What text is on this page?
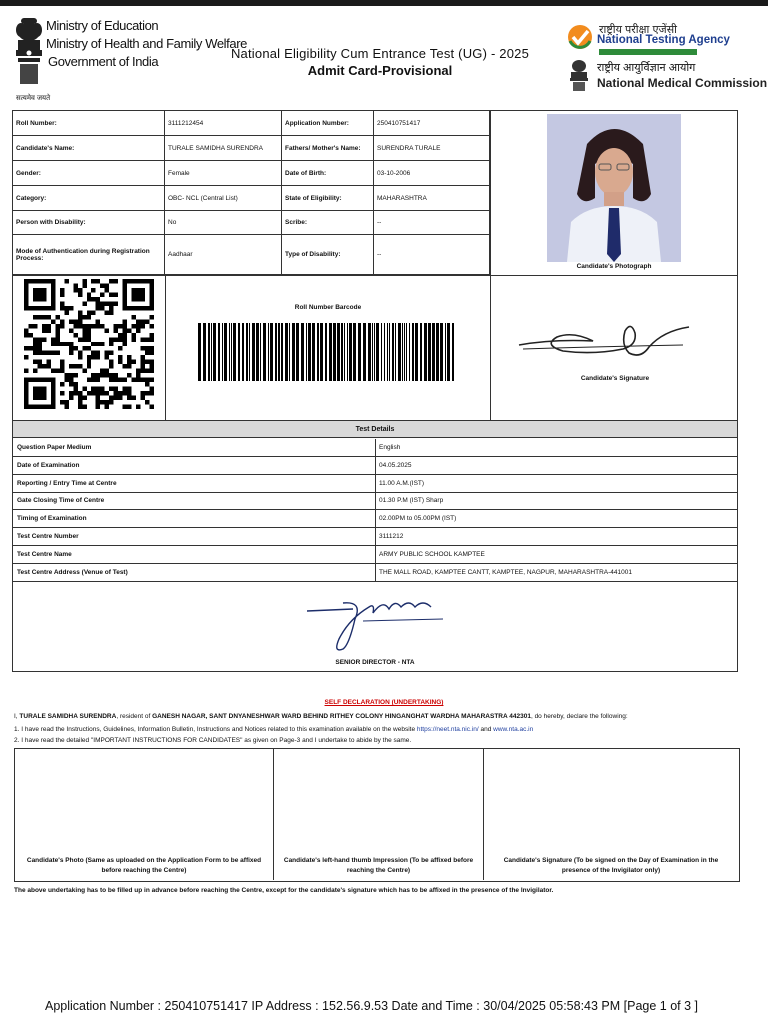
Ministry of Education
Ministry of Health and Family Welfare
Government of India
सत्यमेव जयते
National Eligibility Cum Entrance Test (UG) - 2025
Admit Card-Provisional
राष्ट्रीय परीक्षा एजेंसी
National Testing Agency
राष्ट्रीय आयुर्विज्ञान आयोग
National Medical Commission
Roll Number:	3111212454	Application Number:	250410751417
Candidate's Name:	TURALE SAMIDHA SURENDRA	Fathers/ Mother's Name:	SURENDRA TURALE
Gender:	Female	Date of Birth:	03-10-2006
Category:	OBC- NCL (Central List)	State of Eligibility:	MAHARASHTRA
Person with Disability:	No	Scribe:	--
Mode of Authentication during Registration Process:	Aadhaar	Type of Disability:	--
Candidate's Photograph
Roll Number Barcode
Candidate's Signature
Test Details
Question Paper Medium	English
Date of Examination	04.05.2025
Reporting / Entry Time at Centre	11.00 A.M.(IST)
Gate Closing Time of Centre	01.30 P.M (IST) Sharp
Timing of Examination	02.00PM to 05.00PM (IST)
Test Centre Number	3111212
Test Centre Name	ARMY PUBLIC SCHOOL KAMPTEE
Test Centre Address (Venue of Test)	THE MALL ROAD, KAMPTEE CANTT, KAMPTEE, NAGPUR, MAHARASHTRA-441001
SENIOR DIRECTOR - NTA
SELF DECLARATION (UNDERTAKING)
I, TURALE SAMIDHA SURENDRA, resident of GANESH NAGAR, SANT DNYANESHWAR WARD BEHIND RITHEY COLONY HINGANGHAT WARDHA MAHARASTRA 442301, do hereby, declare the following:
1. I have read the Instructions, Guidelines, Information Bulletin, Instructions and Notices related to this examination available on the website https://neet.nta.nic.in/ and www.nta.ac.in
2. I have read the detailed "IMPORTANT INSTRUCTIONS FOR CANDIDATES" as given on Page-3 and I undertake to abide by the same.
Candidate's Photo (Same as uploaded on the Application Form to be affixed before reaching the Centre)
Candidate's left-hand thumb Impression (To be affixed before reaching the Centre)
Candidate's Signature (To be signed on the Day of Examination in the presence of the Invigilator only)
The above undertaking has to be filled up in advance before reaching the Centre, except for the candidate's signature which has to be affixed in the presence of the Invigilator.
Application Number : 250410751417 IP Address : 152.56.9.53 Date and Time : 30/04/2025 05:58:43 PM [Page 1 of 3 ]
